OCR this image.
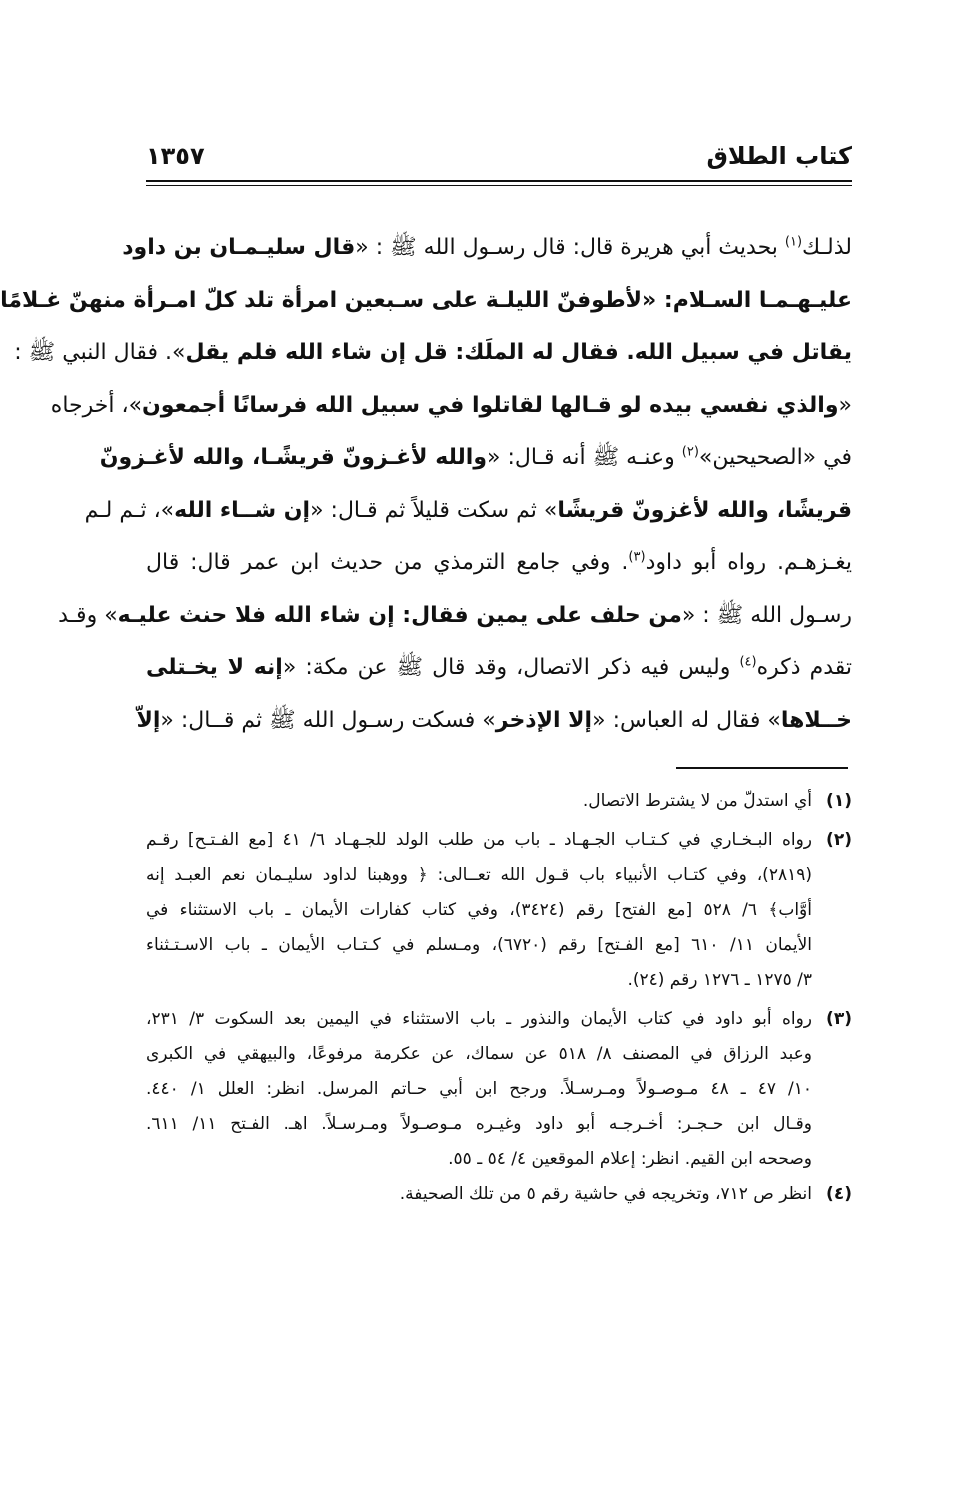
كتاب الطلاق
١٣٥٧
لذلـك$^{(١)}$ بحديث أبي هريرة قال: قال رسـول الله ﷺ : «قال سليـمـان بن داود
عليـهـمـا السـلام: «لأطوفنّ الليلـة على سـبعين امرأة تلد كلّ امـرأة منهنّ غـلامًا
يقاتل في سبيل الله. فقال له الملَك: قل إن شاء الله فلم يقل». فقال النبي ﷺ :
«والذي نفسي بيده لو قـالها لقاتلوا في سبيل الله فرسانًا أجمعون»، أخرجاه
في «الصحيحين»$^{(٢)}$ وعنـه ﷺ أنه قـال: «والله لأغـزونّ قريشًـا، والله لأغـزونّ
قريشًا، والله لأغزونّ قريشًا» ثم سكت قليلاً ثم قـال: «إن شــاء الله»، ثـم لـم
يغـزهـم. رواه أبو داود$^{(٣)}$. وفي جامع الترمذي من حديث ابن عمر قال: قال
رسـول الله ﷺ : «من حلف على يمين فقال: إن شاء الله فلا حنث عليـه» وقـد
تقدم ذكره$^{(٤)}$ وليس فيه ذكر الاتصال، وقد قال ﷺ عن مكة: «إنه لا يخـتلى
خــلاها» فقال له العباس: «إلا الإذخر» فسكت رسـول الله ﷺ ثم قــال: «إلاّ
(١)
أي استدلّ من لا يشترط الاتصال.
(٢)
رواه البـخـاري في كـتـاب الجـهـاد ـ باب من طلب الولد للجـهـاد ٦/ ٤١ [مع الفـتـح] رقـم
(٢٨١٩)، وفي كتـاب الأنبياء باب قـول الله تعــالى: ﴿ ووهبنا لداود سليـمان نعم العبـد إنه
أوَّاب﴾ ٦/ ٥٢٨ [مع الفتح] رقم (٣٤٢٤)، وفي كتاب كفارات الأيمان ـ باب الاستثناء في
الأيمان ١١/ ٦١٠ [مع الفـتح] رقم (٦٧٢٠)، ومـسلم في كـتـاب الأيمان ـ باب الاسـتـثناء
٣/ ١٢٧٥ ـ ١٢٧٦ رقم (٢٤).
(٣)
رواه أبو داود في كتاب الأيمان والنذور ـ باب الاستثناء في اليمين بعد السكوت ٣/ ٢٣١،
وعبد الرزاق في المصنف ٨/ ٥١٨ عن سماك، عن عكرمة مرفوعًا، والبيهقي في الكبرى
١٠/ ٤٧ ـ ٤٨ مـوصـولاً ومـرسـلاً. ورجح ابن أبي حـاتم المرسل. انظر: العلل ١/ ٤٤٠.
وقـال ابن حـجـر: أخـرجـه أبو داود وغيـره مـوصـولاً ومـرسـلاً. اهـ. الفـتح ١١/ ٦١١.
وصححه ابن القيم. انظر: إعلام الموقعين ٤/ ٥٤ ـ ٥٥.
(٤)
انظر ص ٧١٢، وتخريجه في حاشية رقم ٥ من تلك الصحيفة.
